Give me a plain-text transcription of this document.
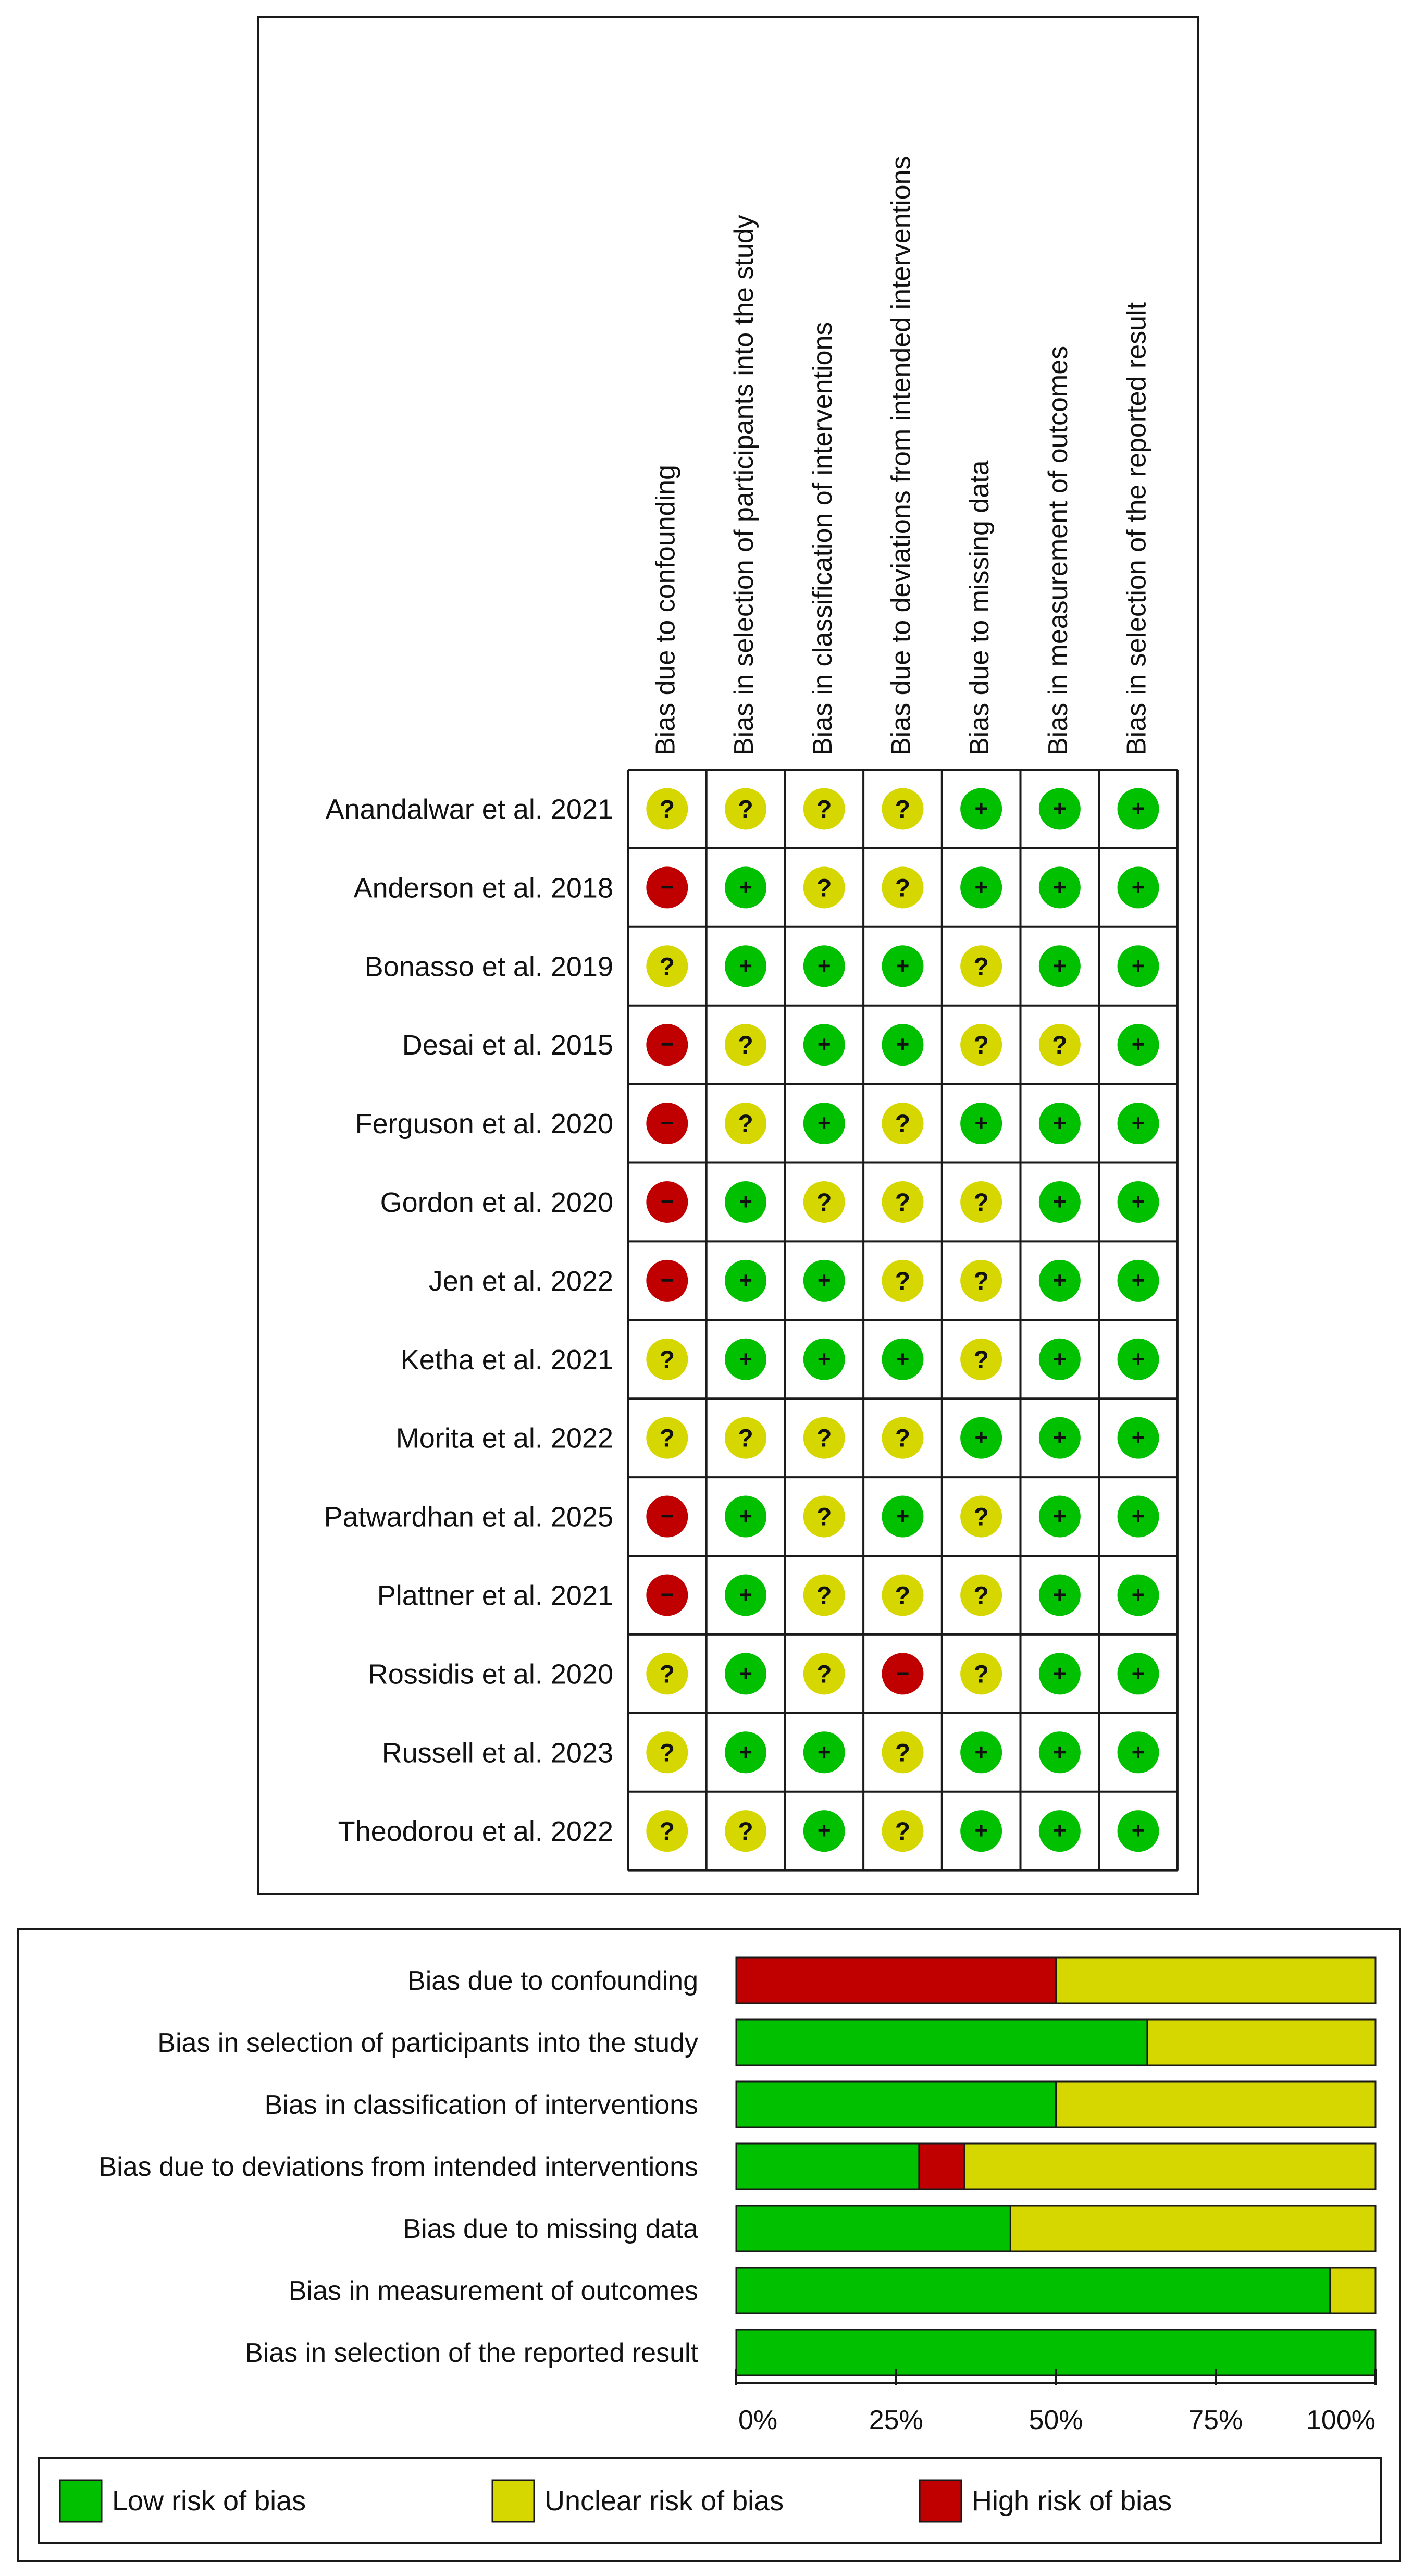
Bias due to confounding Bias in selection of participants into the study Bias in classification of interventions Bias due to deviations from intended interventions Bias due to missing data Bias in measurement of outcomes Bias in selection of the reported result
Anandalwar et al. 2021 ?	?	?	?	+	+	+
Anderson et al. 2018 −	+	?	?	+	+	+
Bonasso et al. 2019 ?	+	+	+	?	+	+
Desai et al. 2015 −	?	+	+	?	?	+
Ferguson et al. 2020 −	?	+	?	+	+	+
Gordon et al. 2020 −	+	?	?	?	+	+
Jen et al. 2022 −	+	+	?	?	+	+
Ketha et al. 2021 ?	+	+	+	?	+	+
Morita et al. 2022 ?	?	?	?	+	+	+
Patwardhan et al. 2025 −	+	?	+	?	+	+
Plattner et al. 2021 −	+	?	?	?	+	+
Rossidis et al. 2020 ?	+	?	−	?	+	+
Russell et al. 2023 ?	+	+	?	+	+	+
Theodorou et al. 2022 ?	?	+	?	+	+	+
Bias due to confounding
Bias in selection of participants into the study
Bias in classification of interventions
Bias due to deviations from intended interventions
Bias due to missing data
Bias in measurement of outcomes
Bias in selection of the reported result
0%	25%	50%	75% 100%
Low risk of bias	Unclear risk of bias	High risk of bias
